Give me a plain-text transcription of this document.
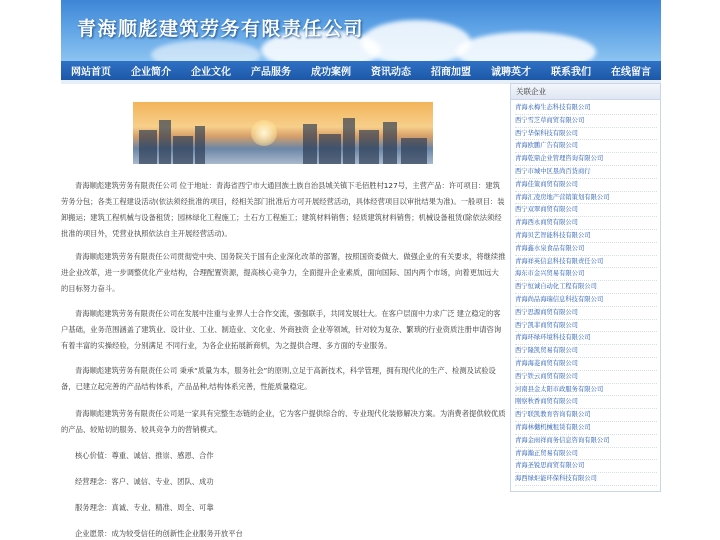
青海顺彪建筑劳务有限责任公司
网站首页	企业简介	企业文化	产品服务	成功案例	资讯动态	招商加盟	诚聘英才	联系我们	在线留言
青海顺彪建筑劳务有限责任公司 位于地址：青海省西宁市大通回族土族自治县城关镇下毛佰胜村127号，主营产品：许可项目：建筑劳务分包；各类工程建设活动(依法须经批准的项目，经相关部门批准后方可开展经营活动，具体经营项目以审批结果为准)。一般项目：装卸搬运；建筑工程机械与设备租赁；园林绿化工程施工；土石方工程施工；建筑材料销售；轻质建筑材料销售；机械设备租赁(除依法须经批准的项目外，凭营业执照依法自主开展经营活动)。
青海顺彪建筑劳务有限责任公司贯彻党中央、国务院关于国有企业深化改革的部署，按照国资委做大、做强企业的有关要求，将继续推进企业改革，进一步调整优化产业结构，合理配置资源，提高核心竞争力，全面提升企业素质，面向国际、国内两个市场，向着更加远大的目标努力奋斗。
青海顺彪建筑劳务有限责任公司在发展中注重与业界人士合作交流，强强联手，共同发展壮大。在客户层面中力求广泛 建立稳定的客户基础，业务范围涵盖了建筑业、设计业、工业、制造业、文化业、外商独资 企业等领域，针对较为复杂、繁琐的行业资质注册申请咨询有着丰富的实操经验，分别满足 不同行业，为各企业拓展新商机，为之提供合理、多方面的专业服务。
青海顺彪建筑劳务有限责任公司 秉承“质量为本，服务社会”的原则,立足于高新技术，科学管理，拥有现代化的生产、检测及试验设备，已建立起完善的产品结构体系，产品品种,结构体系完善，性能质量稳定。
青海顺彪建筑劳务有限责任公司是一家具有完整生态链的企业，它为客户提供综合的、专业现代化装修解决方案。为消费者提供较优质的产品、较贴切的服务、较具竞争力的营销模式。
核心价值：尊重、诚信、推崇、感恩、合作
经营理念：客户、诚信、专业、团队、成功
服务理念：真诚、专业、精准、周全、可靠
企业愿景：成为较受信任的创新性企业服务开放平台
关联企业
青海永梅生态科技有限公司
西宁雪芝草商贸有限公司
西宁华保科技有限公司
青海欧鹏广告有限公司
青海乾鼎企业管理咨询有限公司
西宁市城中区垦尚百货商行
青海佳策商贸有限公司
青海汇凌房地产营销策划有限公司
西宁双翠商贸有限公司
青海西永商贸有限公司
青海贝艺智能科技有限公司
青海鑫水泉食品有限公司
青海祥英信息科技有限责任公司
海东市金兴贸易有限公司
西宁恒诚自动化工程有限公司
青海尚品海瑞信息科技有限公司
西宁思源商贸有限公司
西宁凯菲商贸有限公司
青海环绿环境科技有限公司
西宁隆凯贸易有限公司
青海海菱商贸有限公司
西宁铁云商贸有限公司
河南县金太阳市政服务有限公司
刚察秋香商贸有限公司
西宁联凯教育咨询有限公司
青海林樾机械租赁有限公司
青海金雨祥商务信息咨询有限公司
青海瀚正贸易有限公司
青海圣锐思商贸有限公司
海西绿炬能环保科技有限公司
